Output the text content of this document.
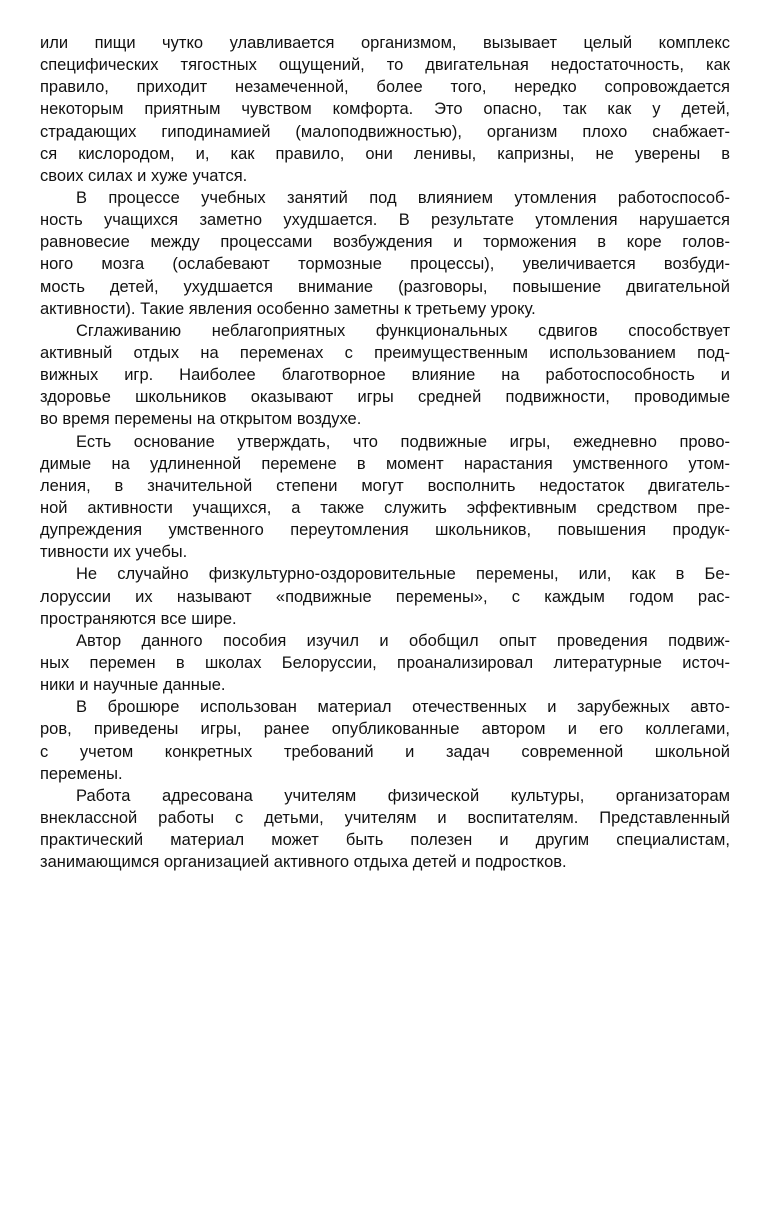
или пищи чутко улавливается организмом, вызывает целый комплекс
специфических тягостных ощущений, то двигательная недостаточность, как
правило, приходит незамеченной, более того, нередко сопровождается
некоторым приятным чувством комфорта. Это опасно, так как у детей,
страдающих гиподинамией (малоподвижностью), организм плохо снабжает-
ся кислородом, и, как правило, они ленивы, капризны, не уверены в
своих силах и хуже учатся.
В процессе учебных занятий под влиянием утомления работоспособ-
ность учащихся заметно ухудшается. В результате утомления нарушается
равновесие между процессами возбуждения и торможения в коре голов-
ного мозга (ослабевают тормозные процессы), увеличивается возбуди-
мость детей, ухудшается внимание (разговоры, повышение двигательной
активности). Такие явления особенно заметны к третьему уроку.
Сглаживанию неблагоприятных функциональных сдвигов способствует
активный отдых на переменах с преимущественным использованием под-
вижных игр. Наиболее благотворное влияние на работоспособность и
здоровье школьников оказывают игры средней подвижности, проводимые
во время перемены на открытом воздухе.
Есть основание утверждать, что подвижные игры, ежедневно прово-
димые на удлиненной перемене в момент нарастания умственного утом-
ления, в значительной степени могут восполнить недостаток двигатель-
ной активности учащихся, а также служить эффективным средством пре-
дупреждения умственного переутомления школьников, повышения продук-
тивности их учебы.
Не случайно физкультурно-оздоровительные перемены, или, как в Бе-
лоруссии их называют «подвижные перемены», с каждым годом рас-
пространяются все шире.
Автор данного пособия изучил и обобщил опыт проведения подвиж-
ных перемен в школах Белоруссии, проанализировал литературные источ-
ники и научные данные.
В брошюре использован материал отечественных и зарубежных авто-
ров, приведены игры, ранее опубликованные автором и его коллегами,
с учетом конкретных требований и задач современной школьной
перемены.
Работа адресована учителям физической культуры, организаторам
внеклассной работы с детьми, учителям и воспитателям. Представленный
практический материал может быть полезен и другим специалистам,
занимающимся организацией активного отдыха детей и подростков.
